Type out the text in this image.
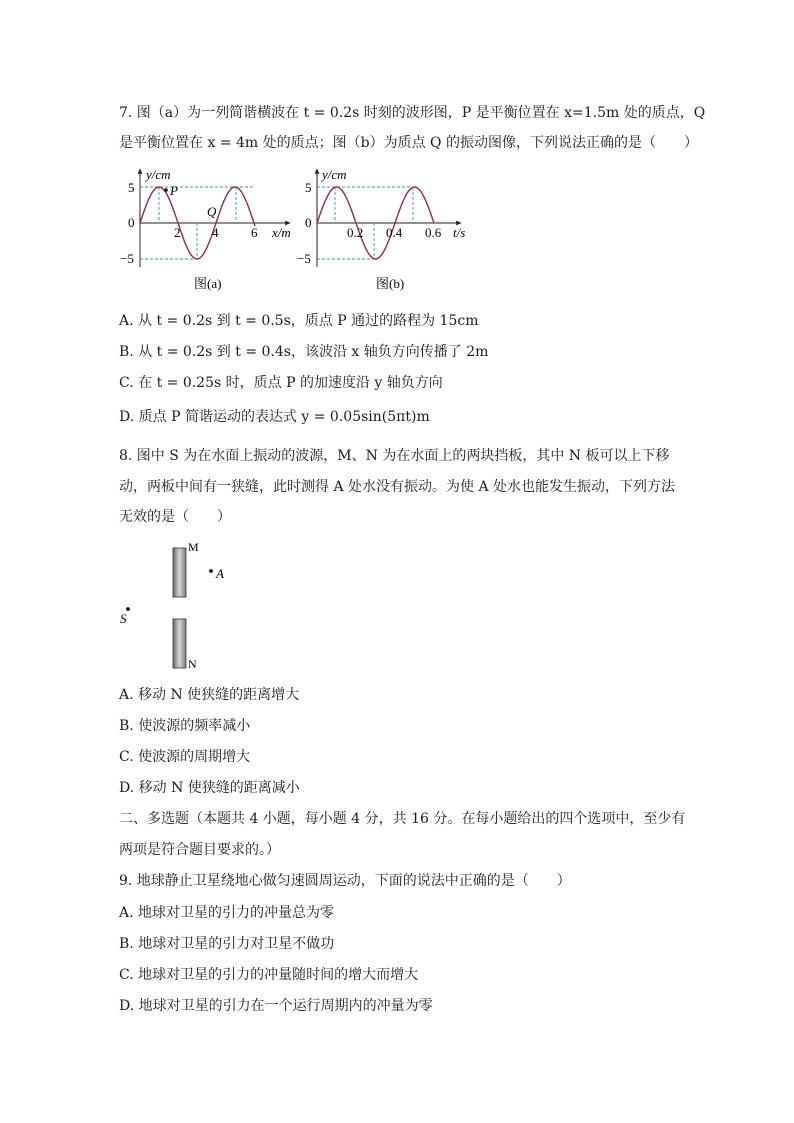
7. 图（a）为一列简谐横波在 t = 0.2s 时刻的波形图，P 是平衡位置在 x=1.5m 处的质点，Q
是平衡位置在 x = 4m 处的质点；图（b）为质点 Q 的振动图像，下列说法正确的是（　　）
P
Q
5
0
−5
2 4	6 x/m
y/cm
图(a)
5
0
−5
0.2 0.4 0.6 t/s
y/cm
图(b)
A. 从 t = 0.2s 到 t = 0.5s，质点 P 通过的路程为 15cm
B. 从 t = 0.2s 到 t = 0.4s，该波沿 x 轴负方向传播了 2m
C. 在 t = 0.25s 时，质点 P 的加速度沿 y 轴负方向
D. 质点 P 简谐运动的表达式 y = 0.05sin(5πt)m
8. 图中 S 为在水面上振动的波源，M、N 为在水面上的两块挡板，其中 N 板可以上下移
动，两板中间有一狭缝，此时测得 A 处水没有振动。为使 A 处水也能发生振动，下列方法
无效的是（　　）
M
N
A
S
A. 移动 N 使狭缝的距离增大
B. 使波源的频率减小
C. 使波源的周期增大
D. 移动 N 使狭缝的距离减小
二、多选题（本题共 4 小题，每小题 4 分，共 16 分。在每小题给出的四个选项中，至少有
两项是符合题目要求的。）
9. 地球静止卫星绕地心做匀速圆周运动，下面的说法中正确的是（　　）
A. 地球对卫星的引力的冲量总为零
B. 地球对卫星的引力对卫星不做功
C. 地球对卫星的引力的冲量随时间的增大而增大
D. 地球对卫星的引力在一个运行周期内的冲量为零
